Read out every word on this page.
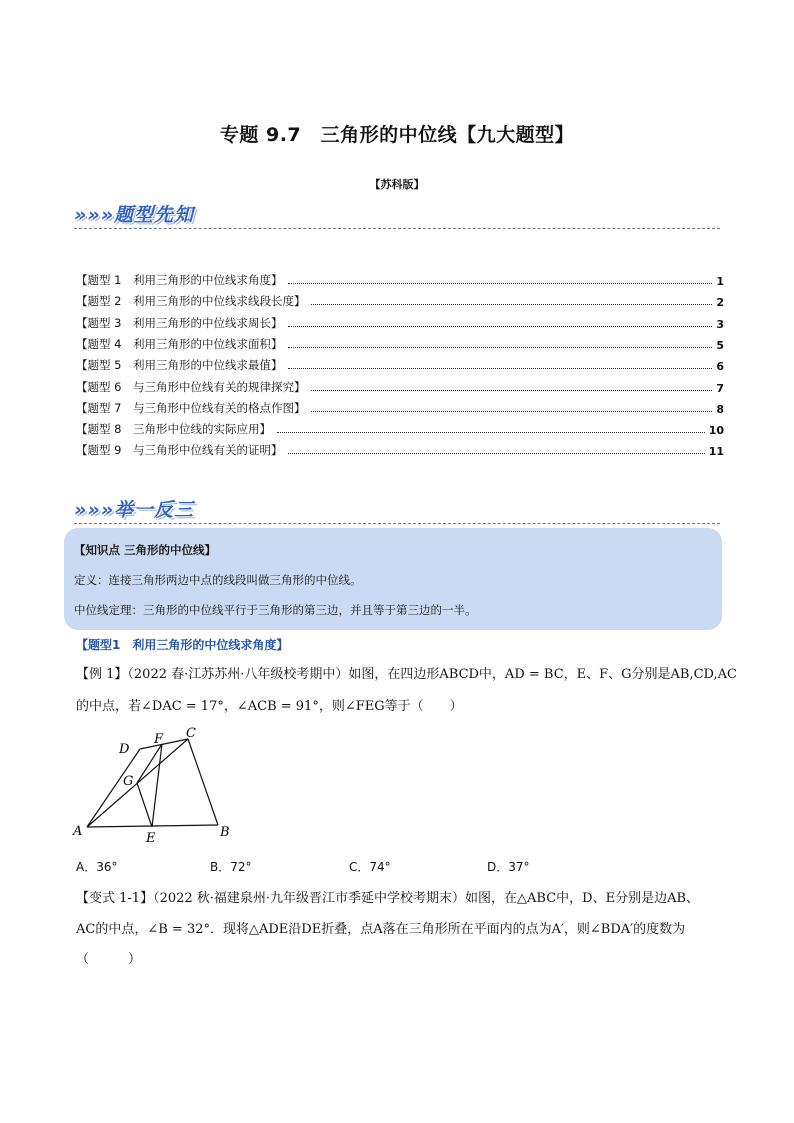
专题 9.7　三角形的中位线【九大题型】
【苏科版】
»»»题型先知
【题型 1　利用三角形的中位线求角度】	1
【题型 2　利用三角形的中位线求线段长度】	2
【题型 3　利用三角形的中位线求周长】	3
【题型 4　利用三角形的中位线求面积】	5
【题型 5　利用三角形的中位线求最值】	6
【题型 6　与三角形中位线有关的规律探究】	7
【题型 7　与三角形中位线有关的格点作图】	8
【题型 8　三角形中位线的实际应用】	10
【题型 9　与三角形中位线有关的证明】	11
»»»举一反三
【知识点 三角形的中位线】
定义：连接三角形两边中点的线段叫做三角形的中位线。
中位线定理：三角形的中位线平行于三角形的第三边，并且等于第三边的一半。
【题型1　利用三角形的中位线求角度】
【例 1】（2022 春·江苏苏州·八年级校考期中）如图，在四边形ABCD中，AD = BC，E、F、G分别是AB,CD,AC
的中点，若∠DAC = 17°，∠ACB = 91°，则∠FEG等于（　　）
A	B
C
D
E
F
G
A．36°	B．72°	C．74°	D．37°
【变式 1-1】（2022 秋·福建泉州·九年级晋江市季延中学校考期末）如图，在△ABC中，D、E分别是边AB、
AC的中点，∠B = 32°．现将△ADE沿DE折叠，点A落在三角形所在平面内的点为A′，则∠BDA′的度数为
（　　　）
